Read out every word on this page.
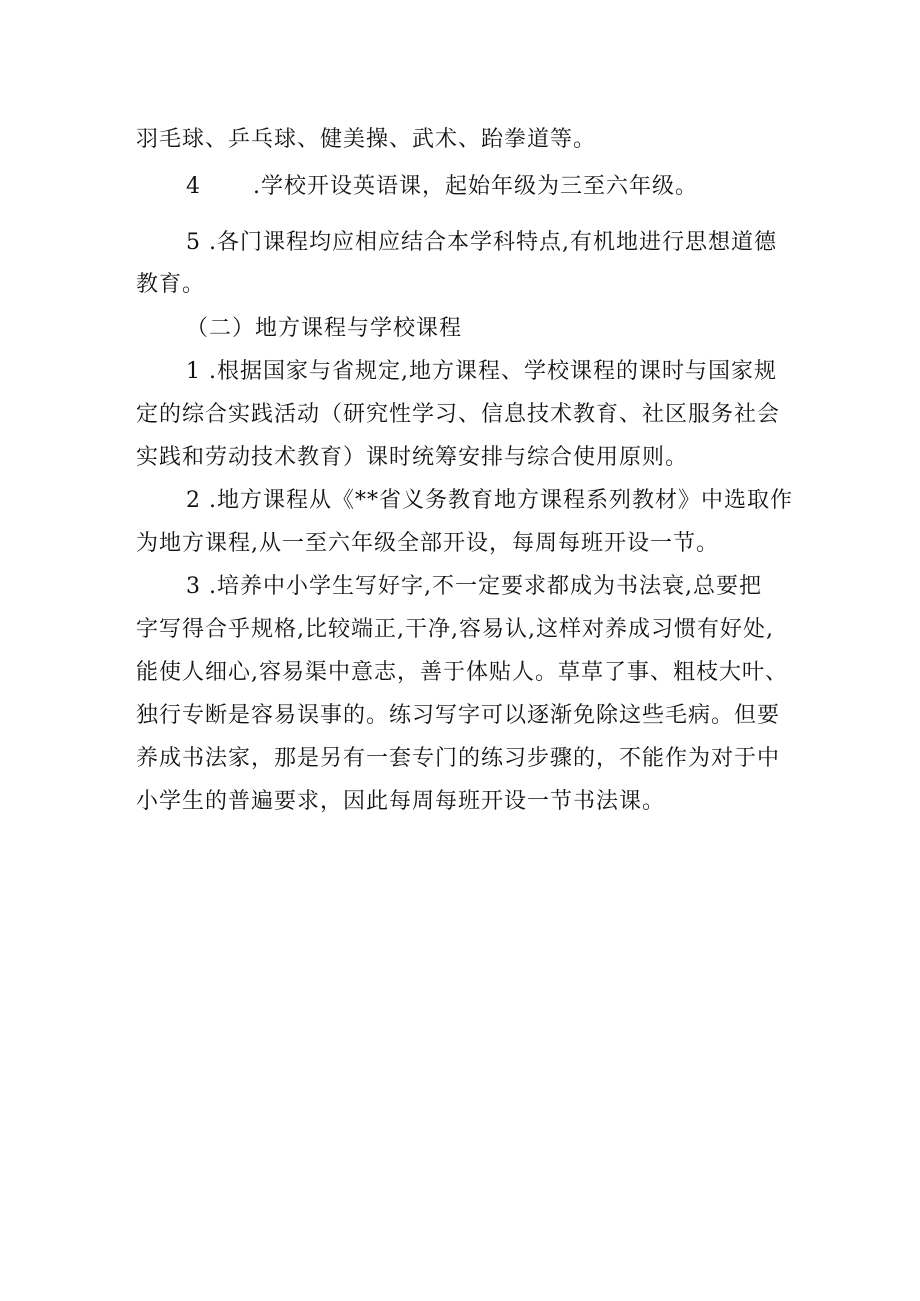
羽毛球、乒乓球、健美操、武术、跆拳道等。
4 .学校开设英语课，起始年级为三至六年级。
5 .各门课程均应相应结合本学科特点,有机地进行思想道德
教育。
（二）地方课程与学校课程
1 .根据国家与省规定,地方课程、学校课程的课时与国家规
定的综合实践活动（研究性学习、信息技术教育、社区服务社会
实践和劳动技术教育）课时统筹安排与综合使用原则。
2 .地方课程从《**省义务教育地方课程系列教材》中选取作
为地方课程,从一至六年级全部开设，每周每班开设一节。
3 .培养中小学生写好字,不一定要求都成为书法衰,总要把
字写得合乎规格,比较端正,干净,容易认,这样对养成习惯有好处,
能使人细心,容易渠中意志，善于体贴人。草草了事、粗枝大叶、
独行专断是容易误事的。练习写字可以逐渐免除这些毛病。但要
养成书法家，那是另有一套专门的练习步骤的，不能作为对于中
小学生的普遍要求，因此每周每班开设一节书法课。
